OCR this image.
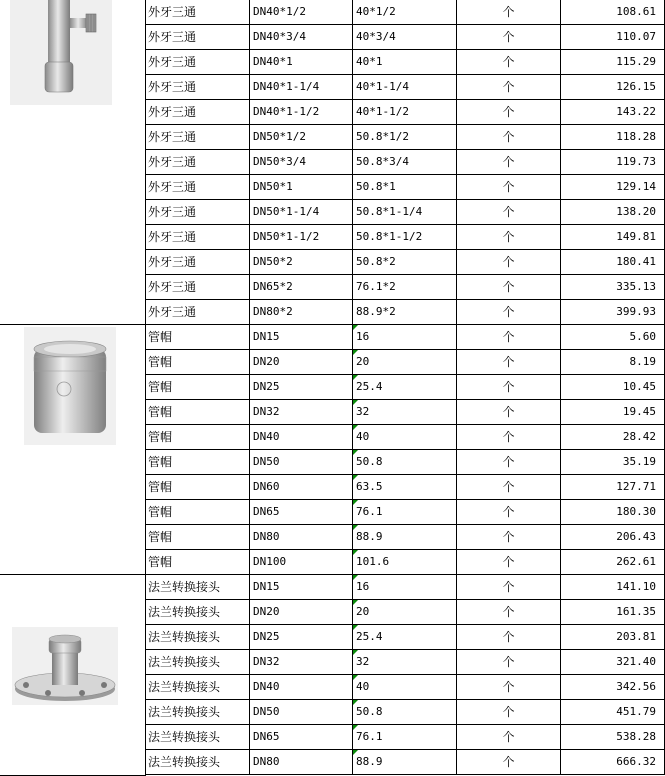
外牙三通	DN40*1/2	40*1/2	个	108.61
外牙三通	DN40*3/4	40*3/4	个	110.07
外牙三通	DN40*1	40*1	个	115.29
外牙三通	DN40*1-1/4	40*1-1/4	个	126.15
外牙三通	DN40*1-1/2	40*1-1/2	个	143.22
外牙三通	DN50*1/2	50.8*1/2	个	118.28
外牙三通	DN50*3/4	50.8*3/4	个	119.73
外牙三通	DN50*1	50.8*1	个	129.14
外牙三通	DN50*1-1/4	50.8*1-1/4	个	138.20
外牙三通	DN50*1-1/2	50.8*1-1/2	个	149.81
外牙三通	DN50*2	50.8*2	个	180.41
外牙三通	DN65*2	76.1*2	个	335.13
外牙三通	DN80*2	88.9*2	个	399.93
管帽	DN15	16	个	5.60
管帽	DN20	20	个	8.19
管帽	DN25	25.4	个	10.45
管帽	DN32	32	个	19.45
管帽	DN40	40	个	28.42
管帽	DN50	50.8	个	35.19
管帽	DN60	63.5	个	127.71
管帽	DN65	76.1	个	180.30
管帽	DN80	88.9	个	206.43
管帽	DN100	101.6	个	262.61
法兰转换接头	DN15	16	个	141.10
法兰转换接头	DN20	20	个	161.35
法兰转换接头	DN25	25.4	个	203.81
法兰转换接头	DN32	32	个	321.40
法兰转换接头	DN40	40	个	342.56
法兰转换接头	DN50	50.8	个	451.79
法兰转换接头	DN65	76.1	个	538.28
法兰转换接头	DN80	88.9	个	666.32
